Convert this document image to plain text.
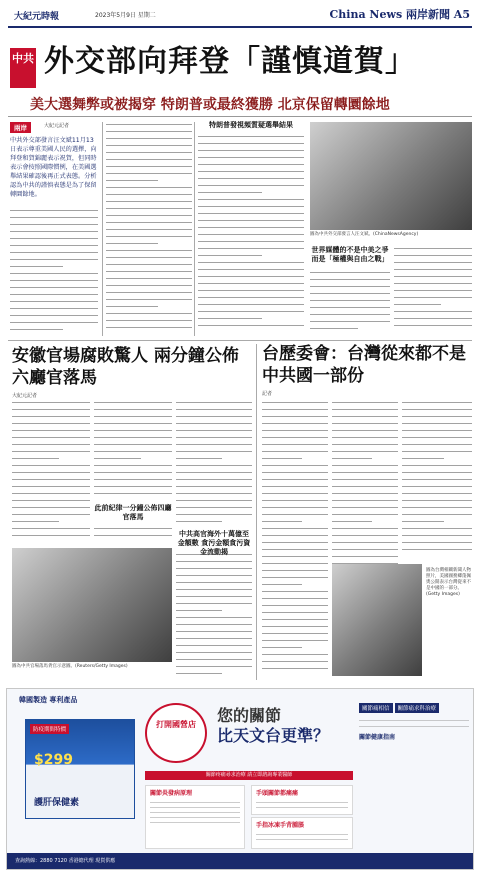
大紀元時報	2023年5月9日 星期二	China News 兩岸新聞 A5
中共 外交部向拜登「謹慎道賀」
美大選舞弊或被揭穿 特朗普或最終獲勝 北京保留轉圜餘地
兩岸	大紀元記者
中共外交部發言汪文斌11月13日表示尊重美國人民的選擇，向拜登和賀錦麗表示祝賀，但同時表示會按照國際慣例，在美國選舉結果確認後再正式表態。分析認為中共的謹慎表態是為了保留轉圜餘地。
特朗普發視頻質疑選舉結果
圖為中共外交部發言人汪文斌。(ChinaNewsAgency)
世界媒體的不是中美之爭而是「極權與自由之戰」
安徽官場腐敗驚人 兩分鐘公佈六廳官落馬
大紀元記者
此前紀律一分鐘公佈四廳官落馬
中共高官海外十萬億至金額數 貪污金額貪污資
圖為中共官場落馬貪官示意圖。(Reuters/Getty Images)
台歷委會：台灣從來都不是中共國一部份
記者
圖為台灣相關新聞人物照片，美國國務卿蓬佩奧公開表示台灣從來不是中國的一部分。(Getty Images)
韓國製造 專利產品
防疫期間特價
$299
護肝保健素
打開國營店	您的關節
比天文台更準？
關節疼痛尋求治療 請立即諮詢專業醫師
關節炎發病原理	手頭關節都痛痛
手指冰凍手背腫脹
關節痛相信 關節痛求科治療
關節健康指南
查詢熱線：2880 7120 香港總代理 現貨供應
